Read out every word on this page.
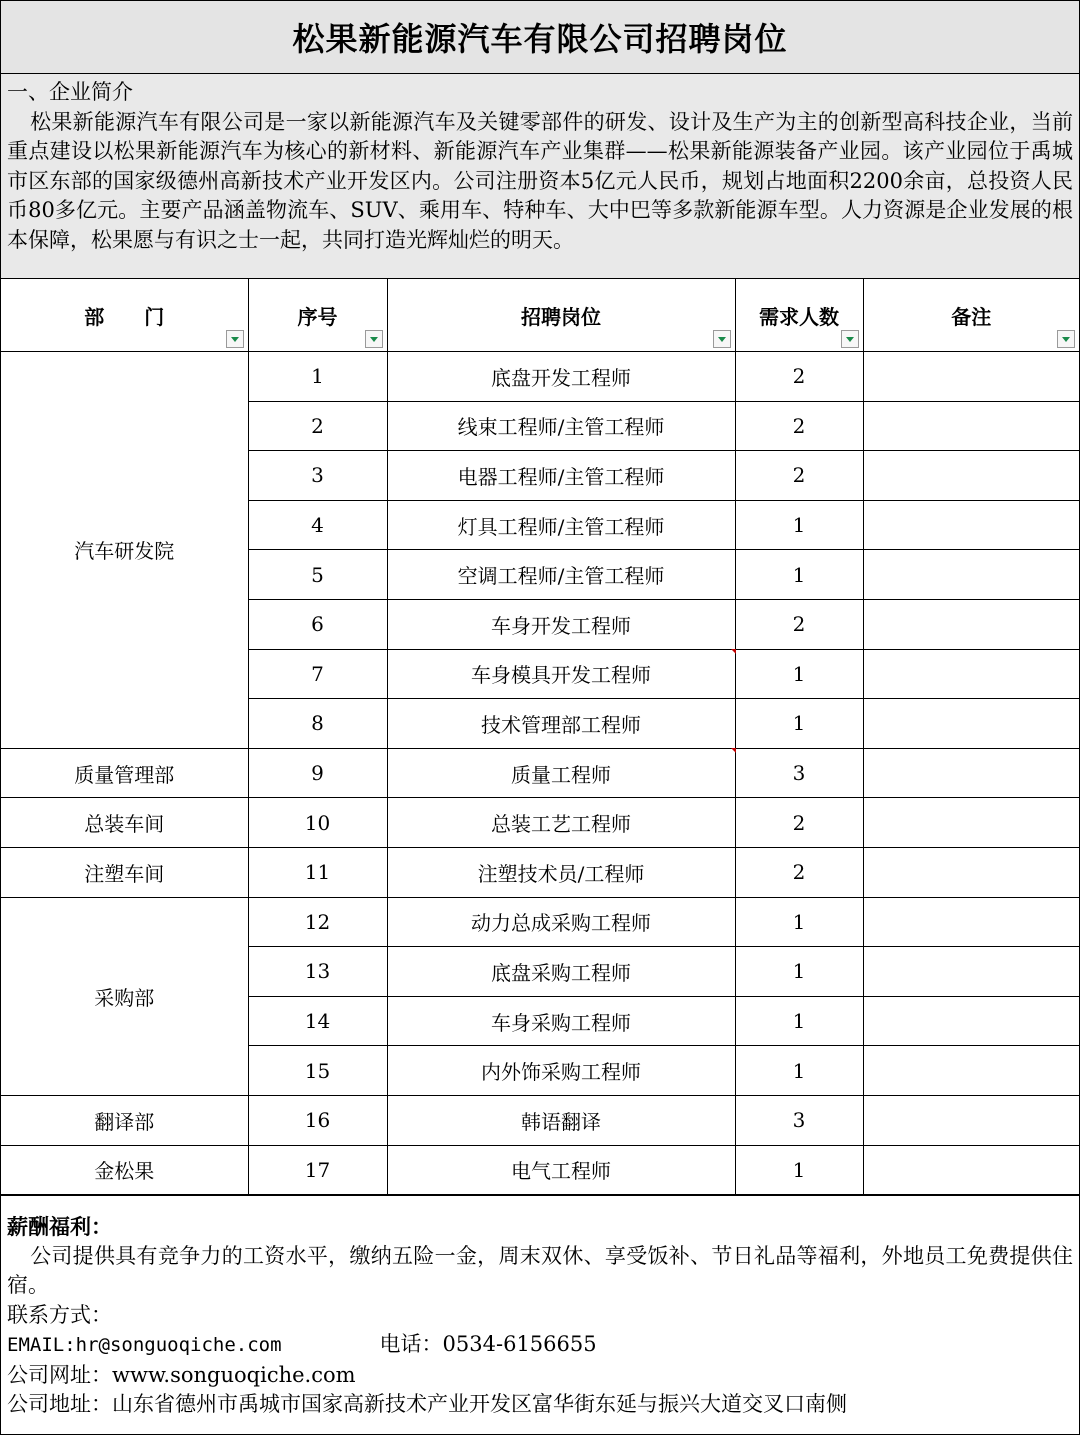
松果新能源汽车有限公司招聘岗位
一、企业简介
松果新能源汽车有限公司是一家以新能源汽车及关键零部件的研发、设计及生产为主的创新型高科技企业，当前重点建设以松果新能源汽车为核心的新材料、新能源汽车产业集群——松果新能源装备产业园。该产业园位于禹城市区东部的国家级德州高新技术产业开发区内。公司注册资本5亿元人民币，规划占地面积2200余亩，总投资人民币80多亿元。主要产品涵盖物流车、SUV、乘用车、特种车、大中巴等多款新能源车型。人力资源是企业发展的根本保障，松果愿与有识之士一起，共同打造光辉灿烂的明天。
部　　门	序号	招聘岗位	需求人数	备注

汽车研发院	1	底盘开发工程师	2	
	2	线束工程师/主管工程师	2	
	3	电器工程师/主管工程师	2	
	4	灯具工程师/主管工程师	1	
	5	空调工程师/主管工程师	1	
	6	车身开发工程师	2	
	7	车身模具开发工程师	1	
	8	技术管理部工程师	1	
质量管理部	9	质量工程师	3	
总装车间	10	总装工艺工程师	2	
注塑车间	11	注塑技术员/工程师	2	
采购部	12	动力总成采购工程师	1	
	13	底盘采购工程师	1	
	14	车身采购工程师	1	
	15	内外饰采购工程师	1	
翻译部	16	韩语翻译	3	
金松果	17	电气工程师	1	
薪酬福利：
公司提供具有竞争力的工资水平，缴纳五险一金，周末双休、享受饭补、节日礼品等福利，外地员工免费提供住宿。
联系方式：
EMAIL:hr@songuoqiche.com	电话：0534-6156655
公司网址：www.songuoqiche.com
公司地址：山东省德州市禹城市国家高新技术产业开发区富华街东延与振兴大道交叉口南侧
